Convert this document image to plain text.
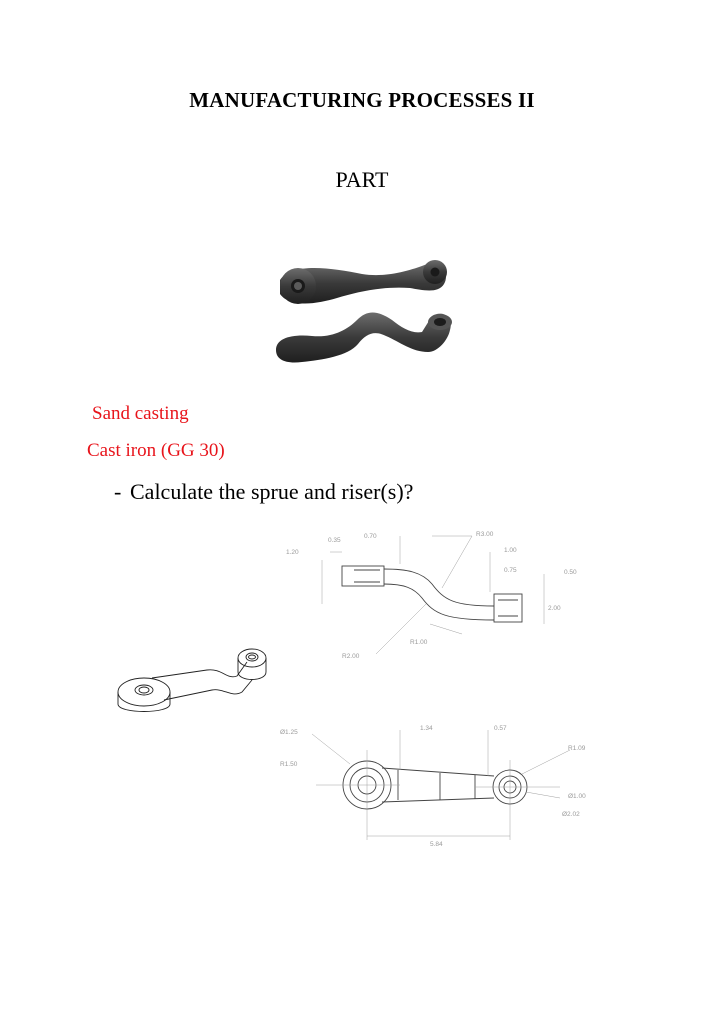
MANUFACTURING PROCESSES II
PART
Sand casting
Cast iron (GG 30)
- Calculate the sprue and riser(s)?
0.35
1.20
0.70	R3.00
1.00
0.75	0.50
2.00
R1.00
R2.00
Ø1.25
R1.50
1.34	0.57
R1.09
Ø1.00
Ø2.02
5.84
